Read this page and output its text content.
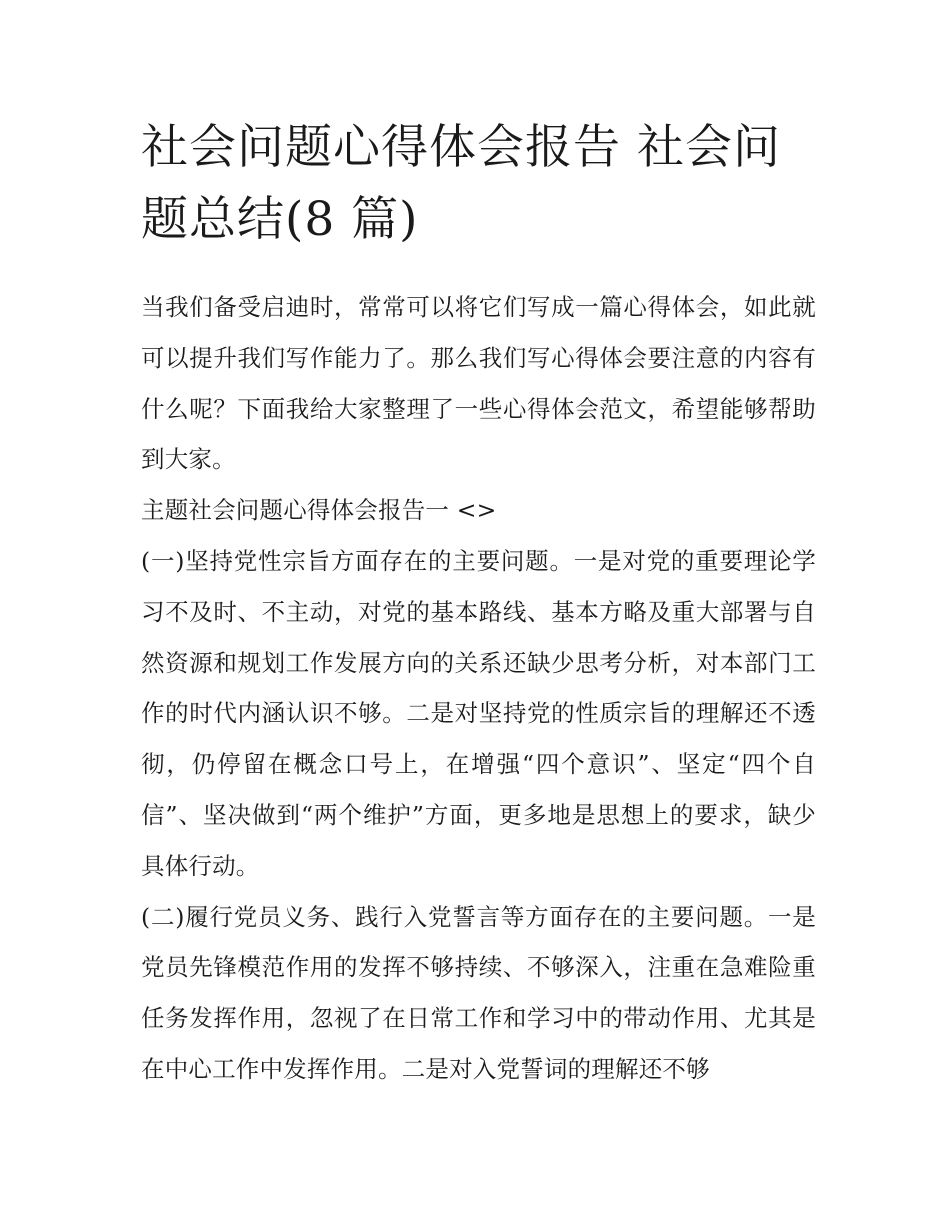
社会问题心得体会报告 社会问题总结(8 篇)

当我们备受启迪时，常常可以将它们写成一篇心得体会，如此就可以提升我们写作能力了。那么我们写心得体会要注意的内容有什么呢？下面我给大家整理了一些心得体会范文，希望能够帮助到大家。

主题社会问题心得体会报告一 <>

(一)坚持党性宗旨方面存在的主要问题。一是对党的重要理论学习不及时、不主动，对党的基本路线、基本方略及重大部署与自然资源和规划工作发展方向的关系还缺少思考分析，对本部门工作的时代内涵认识不够。二是对坚持党的性质宗旨的理解还不透彻，仍停留在概念口号上，在增强“四个意识”、坚定“四个自信”、坚决做到“两个维护”方面，更多地是思想上的要求，缺少具体行动。

(二)履行党员义务、践行入党誓言等方面存在的主要问题。一是党员先锋模范作用的发挥不够持续、不够深入，注重在急难险重任务发挥作用，忽视了在日常工作和学习中的带动作用、尤其是在中心工作中发挥作用。二是对入党誓词的理解还不够
